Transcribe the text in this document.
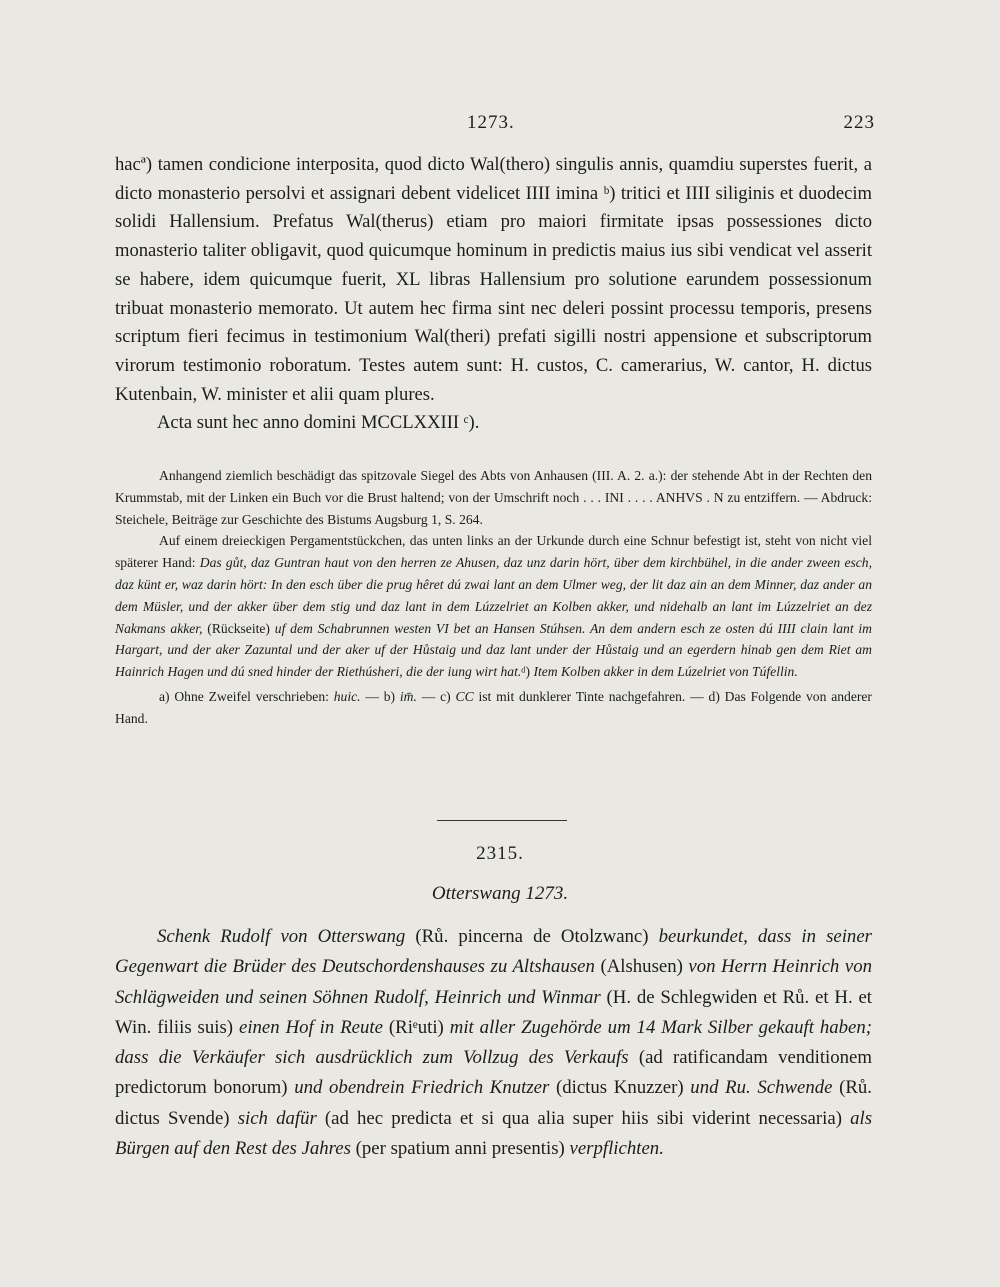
1273.	223

hacª) tamen condicione interposita, quod dicto Wal(thero) singulis annis, quamdiu superstes fuerit, a dicto monasterio persolvi et assignari debent videlicet IIII imina ᵇ) tritici et IIII siliginis et duodecim solidi Hallensium. Prefatus Wal(therus) etiam pro maiori firmitate ipsas possessiones dicto monasterio taliter obligavit, quod quicumque hominum in predictis maius ius sibi vendicat vel asserit se habere, idem quicumque fuerit, XL libras Hallensium pro solutione earundem possessionum tribuat monasterio memorato. Ut autem hec firma sint nec deleri possint processu temporis, presens scriptum fieri fecimus in testimonium Wal(theri) prefati sigilli nostri appensione et subscriptorum virorum testimonio roboratum. Testes autem sunt: H. custos, C. camerarius, W. cantor, H. dictus Kutenbain, W. minister et alii quam plures.

Acta sunt hec anno domini MCCLXXIII ᶜ).

Anhangend ziemlich beschädigt das spitzovale Siegel des Abts von Anhausen (III. A. 2. a.): der stehende Abt in der Rechten den Krummstab, mit der Linken ein Buch vor die Brust haltend; von der Umschrift noch . . . INI . . . . ANHVS . N zu entziffern. — Abdruck: Steichele, Beiträge zur Geschichte des Bistums Augsburg 1, S. 264.

Auf einem dreieckigen Pergamentstückchen, das unten links an der Urkunde durch eine Schnur befestigt ist, steht von nicht viel späterer Hand: Das gůt, daz Guntran haut von den herren ze Ahusen, daz unz darin hört, über dem kirchbühel, in die ander zween esch, daz künt er, waz darin hört: In den esch über die prug hêret dú zwai lant an dem Ulmer weg, der lit daz ain an dem Minner, daz ander an dem Müsler, und der akker über dem stig und daz lant in dem Lúzzelriet an Kolben akker, und nidehalb an lant im Lúzzelriet an dez Nakmans akker, (Rückseite) uf dem Schabrunnen westen VI bet an Hansen Stúhsen. An dem andern esch ze osten dú IIII clain lant im Hargart, und der aker Zazuntal und der aker uf der Hůstaig und daz lant under der Hůstaig und an egerdern hinab gen dem Riet am Hainrich Hagen und dú sned hinder der Riethúsheri, die der iung wirt hat.ᵈ) Item Kolben akker in dem Lúzelriet von Túfellin.

a) Ohne Zweifel verschrieben: huic. — b) im̄. — c) CC ist mit dunklerer Tinte nachgefahren. — d) Das Folgende von anderer Hand.

2315.
Otterswang 1273.

Schenk Rudolf von Otterswang (Rů. pincerna de Otolzwanc) beurkundet, dass in seiner Gegenwart die Brüder des Deutschordenshauses zu Altshausen (Alshusen) von Herrn Heinrich von Schlägweiden und seinen Söhnen Rudolf, Heinrich und Winmar (H. de Schlegwiden et Rů. et H. et Win. filiis suis) einen Hof in Reute (Riᵉuti) mit aller Zugehörde um 14 Mark Silber gekauft haben; dass die Verkäufer sich ausdrücklich zum Vollzug des Verkaufs (ad ratificandam venditionem predictorum bonorum) und obendrein Friedrich Knutzer (dictus Knuzzer) und Ru. Schwende (Rů. dictus Svende) sich dafür (ad hec predicta et si qua alia super hiis sibi viderint necessaria) als Bürgen auf den Rest des Jahres (per spatium anni presentis) verpflichten.
